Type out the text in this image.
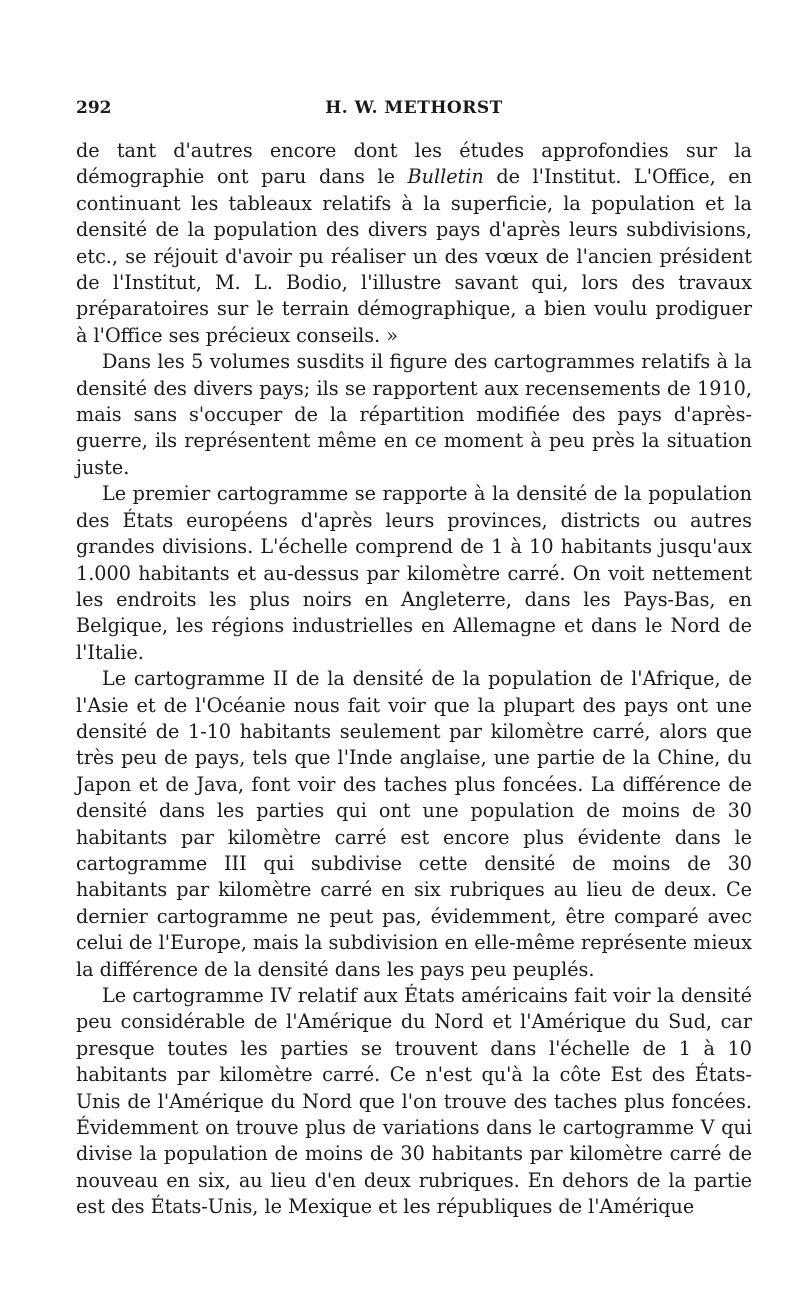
292	H. W. METHORST

de tant d'autres encore dont les études approfondies sur la démographie ont paru dans le Bulletin de l'Institut. L'Office, en continuant les tableaux relatifs à la superficie, la population et la densité de la population des divers pays d'après leurs subdivisions, etc., se réjouit d'avoir pu réaliser un des vœux de l'ancien président de l'Institut, M. L. Bodio, l'illustre savant qui, lors des travaux préparatoires sur le terrain démographique, a bien voulu prodiguer à l'Office ses précieux conseils. »

Dans les 5 volumes susdits il figure des cartogrammes relatifs à la densité des divers pays; ils se rapportent aux recensements de 1910, mais sans s'occuper de la répartition modifiée des pays d'après-guerre, ils représentent même en ce moment à peu près la situation juste.

Le premier cartogramme se rapporte à la densité de la population des États européens d'après leurs provinces, districts ou autres grandes divisions. L'échelle comprend de 1 à 10 habitants jusqu'aux 1.000 habitants et au-dessus par kilomètre carré. On voit nettement les endroits les plus noirs en Angleterre, dans les Pays-Bas, en Belgique, les régions industrielles en Allemagne et dans le Nord de l'Italie.

Le cartogramme II de la densité de la population de l'Afrique, de l'Asie et de l'Océanie nous fait voir que la plupart des pays ont une densité de 1-10 habitants seulement par kilomètre carré, alors que très peu de pays, tels que l'Inde anglaise, une partie de la Chine, du Japon et de Java, font voir des taches plus foncées. La différence de densité dans les parties qui ont une population de moins de 30 habitants par kilomètre carré est encore plus évidente dans le cartogramme III qui subdivise cette densité de moins de 30 habitants par kilomètre carré en six rubriques au lieu de deux. Ce dernier cartogramme ne peut pas, évidemment, être comparé avec celui de l'Europe, mais la subdivision en elle-même représente mieux la différence de la densité dans les pays peu peuplés.

Le cartogramme IV relatif aux États américains fait voir la densité peu considérable de l'Amérique du Nord et l'Amérique du Sud, car presque toutes les parties se trouvent dans l'échelle de 1 à 10 habitants par kilomètre carré. Ce n'est qu'à la côte Est des États-Unis de l'Amérique du Nord que l'on trouve des taches plus foncées. Évidemment on trouve plus de variations dans le cartogramme V qui divise la population de moins de 30 habitants par kilomètre carré de nouveau en six, au lieu d'en deux rubriques. En dehors de la partie est des États-Unis, le Mexique et les républiques de l'Amérique
